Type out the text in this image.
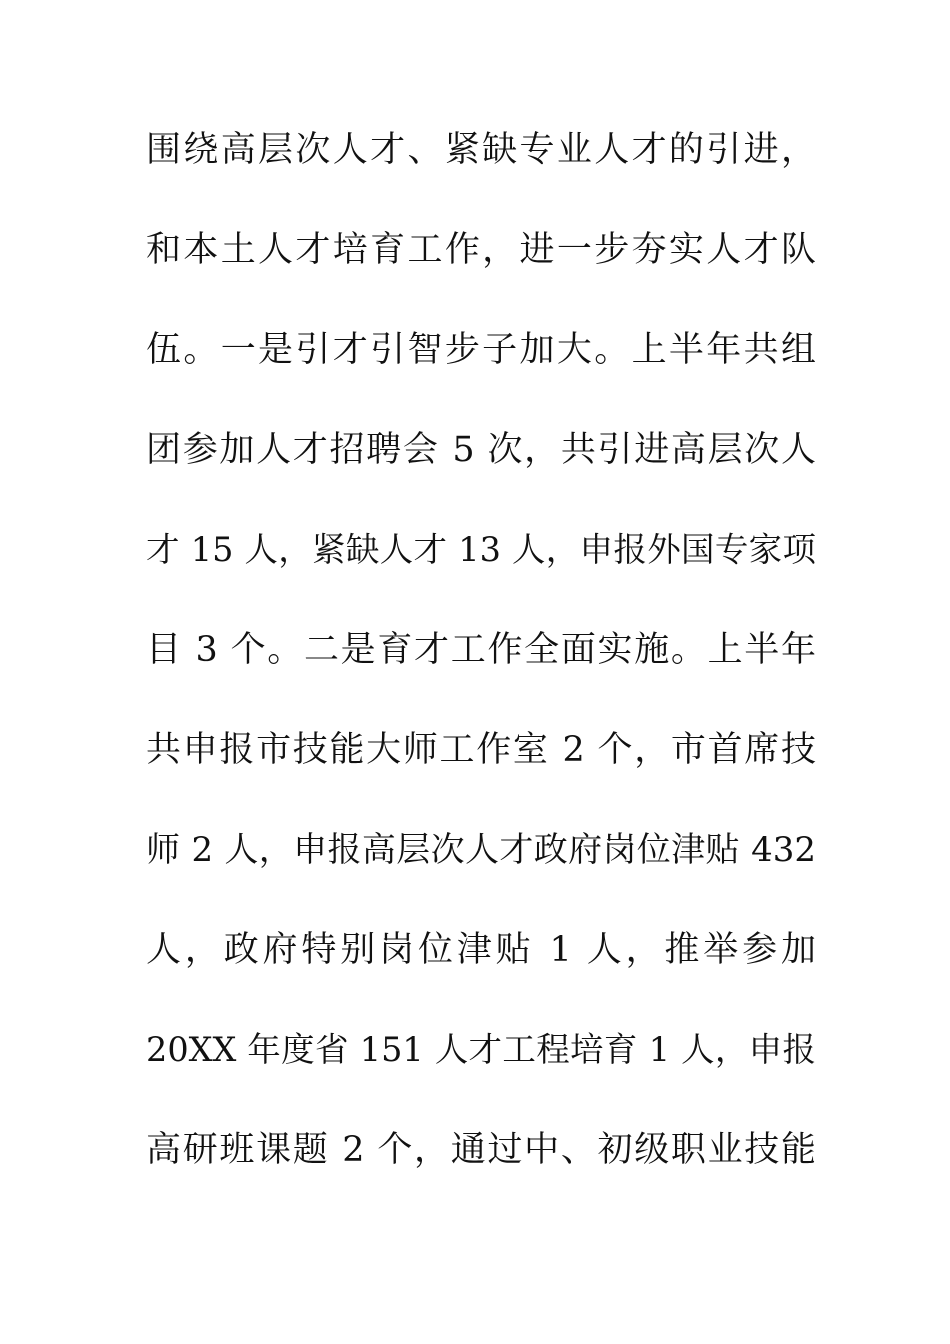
围绕高层次人才、紧缺专业人才的引进，
和本土人才培育工作，进一步夯实人才队
伍。一是引才引智步子加大。上半年共组
团参加人才招聘会 5 次，共引进高层次人
才 15 人，紧缺人才 13 人，申报外国专家项
目 3 个。二是育才工作全面实施。上半年
共申报市技能大师工作室 2 个，市首席技
师 2 人，申报高层次人才政府岗位津贴 432
人，政府特别岗位津贴 1 人，推举参加
20XX 年度省 151 人才工程培育 1 人，申报
高研班课题 2 个，通过中、初级职业技能
